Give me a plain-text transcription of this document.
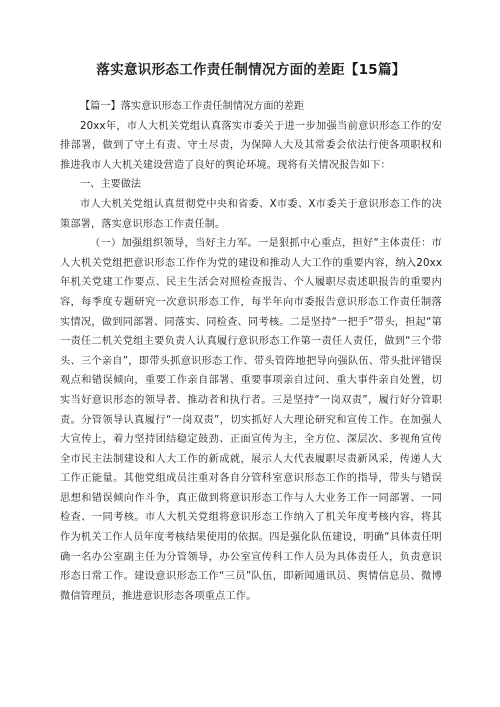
落实意识形态工作责任制情况方面的差距【15篇】

【篇一】落实意识形态工作责任制情况方面的差距

20xx年，市人大机关党组认真落实市委关于进一步加强当前意识形态工作的安排部署，做到了守土有责、守土尽责，为保障人大及其常委会依法行使各项职权和推进我市人大机关建设营造了良好的舆论环境。现将有关情况报告如下：

一、主要做法

市人大机关党组认真贯彻党中央和省委、X市委、X市委关于意识形态工作的决策部署，落实意识形态工作责任制。

（一）加强组织领导，当好主力军。一是狠抓中心重点，担好“主体责任：市人大机关党组把意识形态工作作为党的建设和推动人大工作的重要内容，纳入20xx年机关党建工作要点、民主生活会对照检查报告、个人履职尽责述职报告的重要内容，每季度专题研究一次意识形态工作，每半年向市委报告意识形态工作责任制落实情况，做到同部署、同落实、同检查、同考核。二是坚持“一把手”带头，担起“第一责任二机关党组主要负责人认真履行意识形态工作第一责任人责任，做到“三个带头、三个亲自”，即带头抓意识形态工作、带头管阵地把导向强队伍、带头批评错误观点和错误倾向，重要工作亲自部署、重要事项亲自过问、重大事件亲自处置，切实当好意识形态的领导者、推动者和执行者。三是坚持“一岗双责”，履行好分管职责。分管领导认真履行“一岗双责”，切实抓好人大理论研究和宣传工作。在加强人大宣传上，着力坚持团结稳定鼓劲、正面宣传为主，全方位、深层次、多视角宣传全市民主法制建设和人大工作的新成就，展示人大代表履职尽责新风采，传递人大工作正能量。其他党组成员注重对各自分管科室意识形态工作的指导，带头与错误思想和错误倾向作斗争，真正做到将意识形态工作与人大业务工作一同部署、一同检查、一同考核。市人大机关党组将意识形态工作纳入了机关年度考核内容，将其作为机关工作人员年度考核结果使用的依据。四是强化队伍建设，明确“具体责任明确一名办公室副主任为分管领导，办公室宣传科工作人员为具体责任人，负责意识形态日常工作。建设意识形态工作“三员”队伍，即新闻通讯员、舆情信息员、微博微信管理员，推进意识形态各项重点工作。
